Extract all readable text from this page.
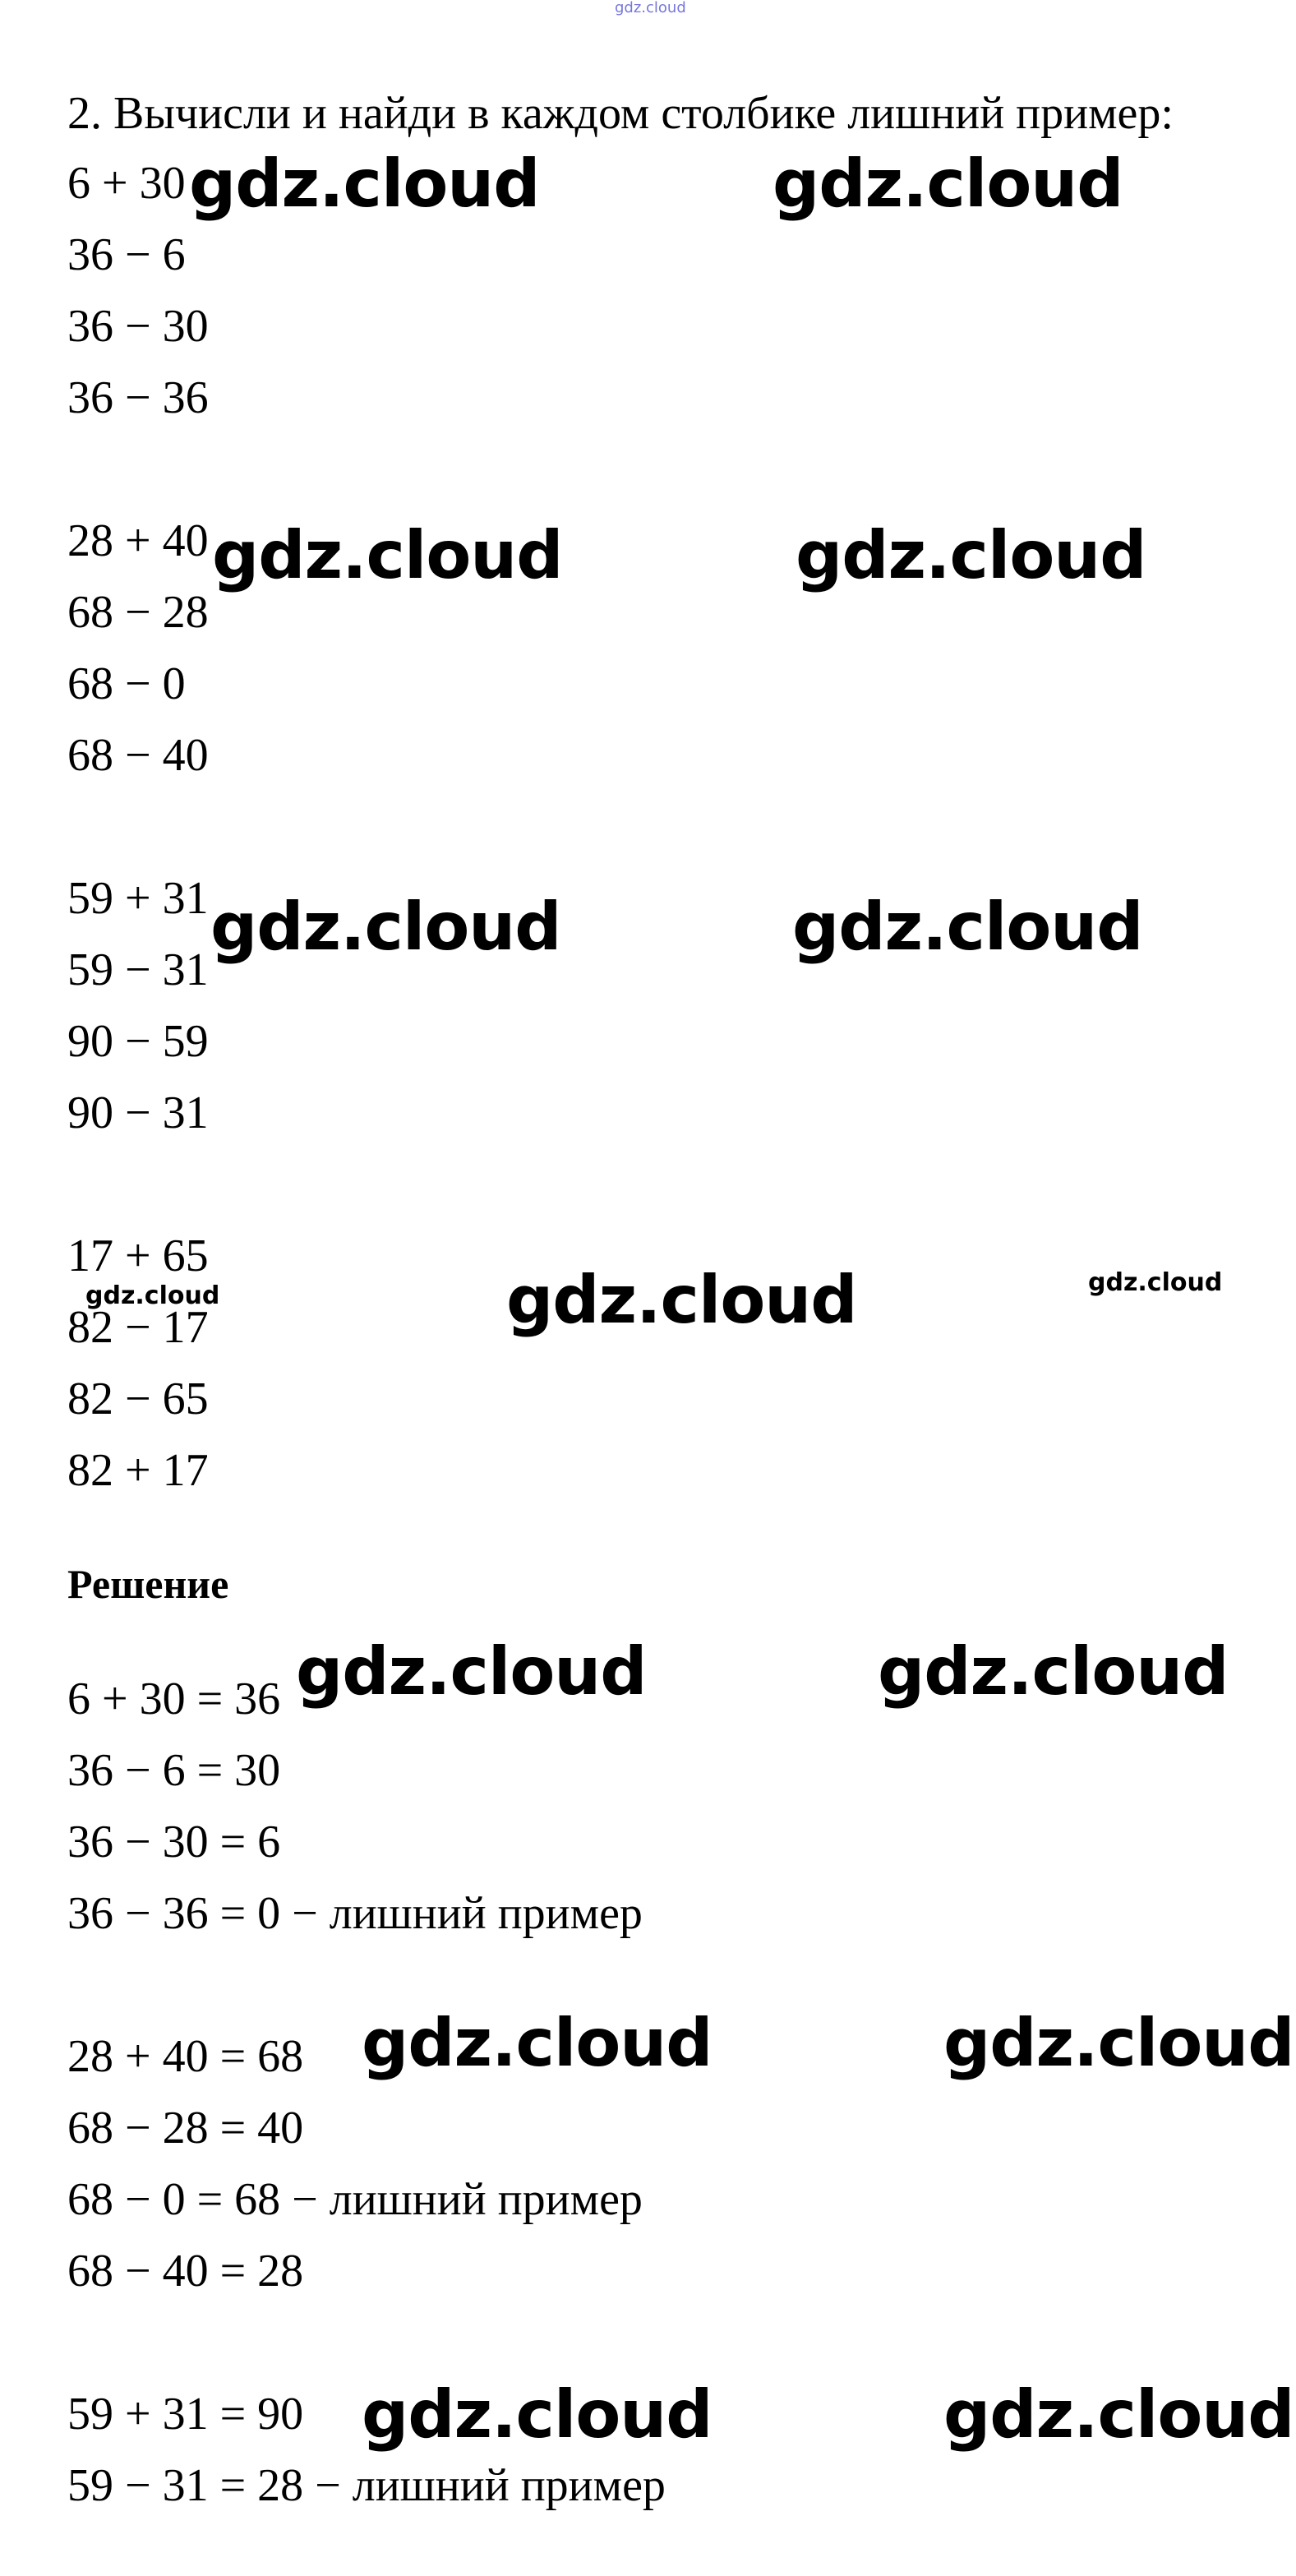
gdz.cloud
2. Вычисли и найди в каждом столбике лишний пример:
6 + 30
36 − 6
36 − 30
36 − 36
28 + 40
68 − 28
68 − 0
68 − 40
59 + 31
59 − 31
90 − 59
90 − 31
17 + 65
82 − 17
82 − 65
82 + 17
Решение
6 + 30 = 36
36 − 6 = 30
36 − 30 = 6
36 − 36 = 0 − лишний пример
28 + 40 = 68
68 − 28 = 40
68 − 0 = 68 − лишний пример
68 − 40 = 28
59 + 31 = 90
59 − 31 = 28 − лишний пример
gdz.cloud	gdz.cloud
gdz.cloud	gdz.cloud
gdz.cloud	gdz.cloud
gdz.cloud
gdz.cloud	gdz.cloud
gdz.cloud	gdz.cloud
gdz.cloud	gdz.cloud
gdz.cloud	gdz.cloud
